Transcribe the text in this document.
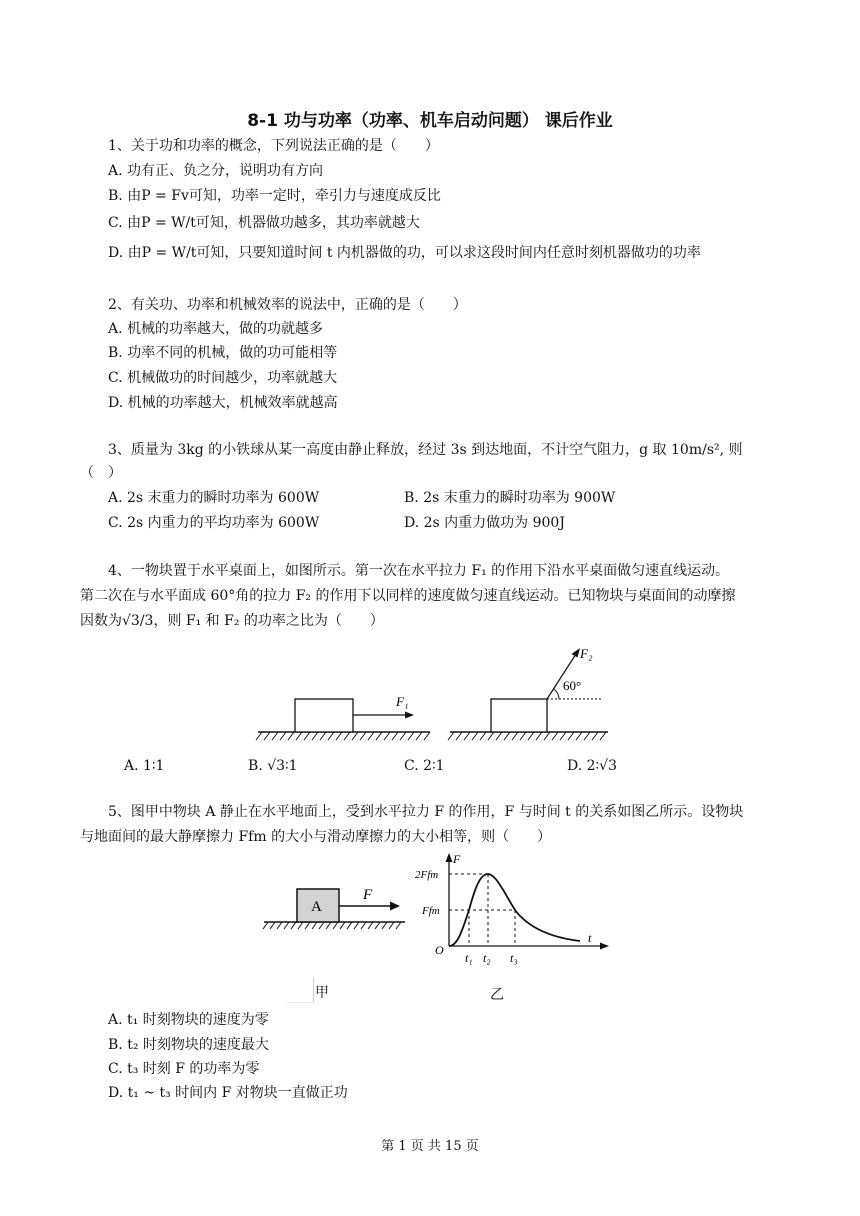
8-1 功与功率（功率、机车启动问题） 课后作业
1、关于功和功率的概念，下列说法正确的是（　　）
A. 功有正、负之分，说明功有方向
B. 由P = Fv可知，功率一定时，牵引力与速度成反比
C. 由P = W/t可知，机器做功越多，其功率就越大
D. 由P = W/t可知，只要知道时间 t 内机器做的功，可以求这段时间内任意时刻机器做功的功率
2、有关功、功率和机械效率的说法中，正确的是（　　）
A. 机械的功率越大，做的功就越多
B. 功率不同的机械，做的功可能相等
C. 机械做功的时间越少，功率就越大
D. 机械的功率越大，机械效率就越高
3、质量为 3kg 的小铁球从某一高度由静止释放，经过 3s 到达地面，不计空气阻力，g 取 10m/s², 则
（　）
A. 2s 末重力的瞬时功率为 600W	B. 2s 末重力的瞬时功率为 900W
C. 2s 内重力的平均功率为 600W	D. 2s 内重力做功为 900J
4、一物块置于水平桌面上，如图所示。第一次在水平拉力 F₁ 的作用下沿水平桌面做匀速直线运动。
第二次在与水平面成 60°角的拉力 F₂ 的作用下以同样的速度做匀速直线运动。已知物块与桌面间的动摩擦
因数为√3/3，则 F₁ 和 F₂ 的功率之比为（　　）
F₁
60°
F₂
A. 1∶1	B. √3∶1	C. 2∶1	D. 2∶√3
5、图甲中物块 A 静止在水平地面上，受到水平拉力 F 的作用，F 与时间 t 的关系如图乙所示。设物块
与地面间的最大静摩擦力 Ffm 的大小与滑动摩擦力的大小相等，则（　　）
A
F
F
t
O
2Ffm
Ffm
t₁ t₂ t₃
甲	乙
A. t₁ 时刻物块的速度为零
B. t₂ 时刻物块的速度最大
C. t₃ 时刻 F 的功率为零
D. t₁ ~ t₃ 时间内 F 对物块一直做正功
第 1 页 共 15 页
